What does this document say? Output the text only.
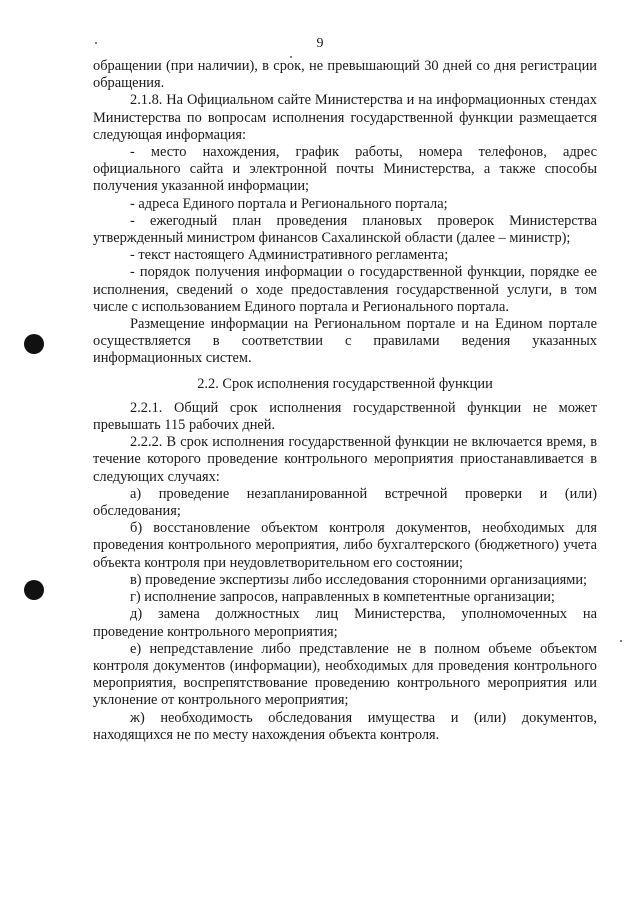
9

обращении (при наличии), в срок, не превышающий 30 дней со дня регистрации обращения.

2.1.8. На Официальном сайте Министерства и на информационных стендах Министерства по вопросам исполнения государственной функции размещается следующая информация:

- место нахождения, график работы, номера телефонов, адрес официального сайта и электронной почты Министерства, а также способы получения указанной информации;

- адреса Единого портала и Регионального портала;

- ежегодный план проведения плановых проверок Министерства утвержденный министром финансов Сахалинской области (далее – министр);

- текст настоящего Административного регламента;

- порядок получения информации о государственной функции, порядке ее исполнения, сведений о ходе предоставления государственной услуги, в том числе с использованием Единого портала и Регионального портала.

Размещение информации на Региональном портале и на Едином портале осуществляется в соответствии с правилами ведения указанных информационных систем.

2.2. Срок исполнения государственной функции

2.2.1. Общий срок исполнения государственной функции не может превышать 115 рабочих дней.

2.2.2. В срок исполнения государственной функции не включается время, в течение которого проведение контрольного мероприятия приостанавливается в следующих случаях:

а) проведение незапланированной встречной проверки и (или) обследования;

б) восстановление объектом контроля документов, необходимых для проведения контрольного мероприятия, либо бухгалтерского (бюджетного) учета объекта контроля при неудовлетворительном его состоянии;

в) проведение экспертизы либо исследования сторонними организациями;

г) исполнение запросов, направленных в компетентные организации;

д) замена должностных лиц Министерства, уполномоченных на проведение контрольного мероприятия;

е) непредставление либо представление не в полном объеме объектом контроля документов (информации), необходимых для проведения контрольного мероприятия, воспрепятствование проведению контрольного мероприятия или уклонение от контрольного мероприятия;

ж) необходимость обследования имущества и (или) документов, находящихся не по месту нахождения объекта контроля.
